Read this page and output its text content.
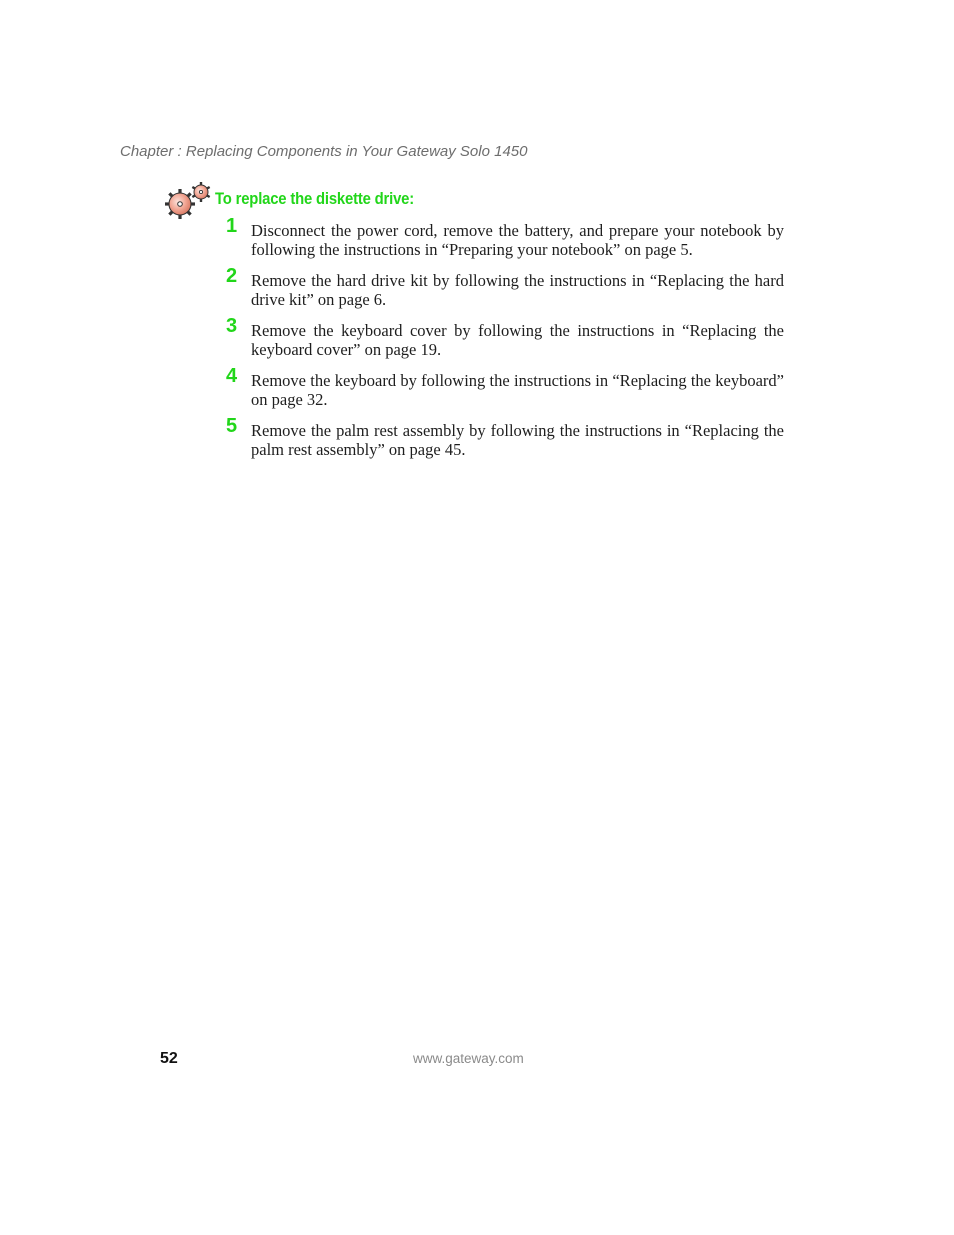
Chapter : Replacing Components in Your Gateway Solo 1450
To replace the diskette drive:
1 Disconnect the power cord, remove the battery, and prepare your notebook by following the instructions in “Preparing your notebook” on page 5.
2 Remove the hard drive kit by following the instructions in “Replacing the hard drive kit” on page 6.
3 Remove the keyboard cover by following the instructions in “Replacing the keyboard cover” on page 19.
4 Remove the keyboard by following the instructions in “Replacing the keyboard” on page 32.
5 Remove the palm rest assembly by following the instructions in “Replacing the palm rest assembly” on page 45.
52	www.gateway.com
